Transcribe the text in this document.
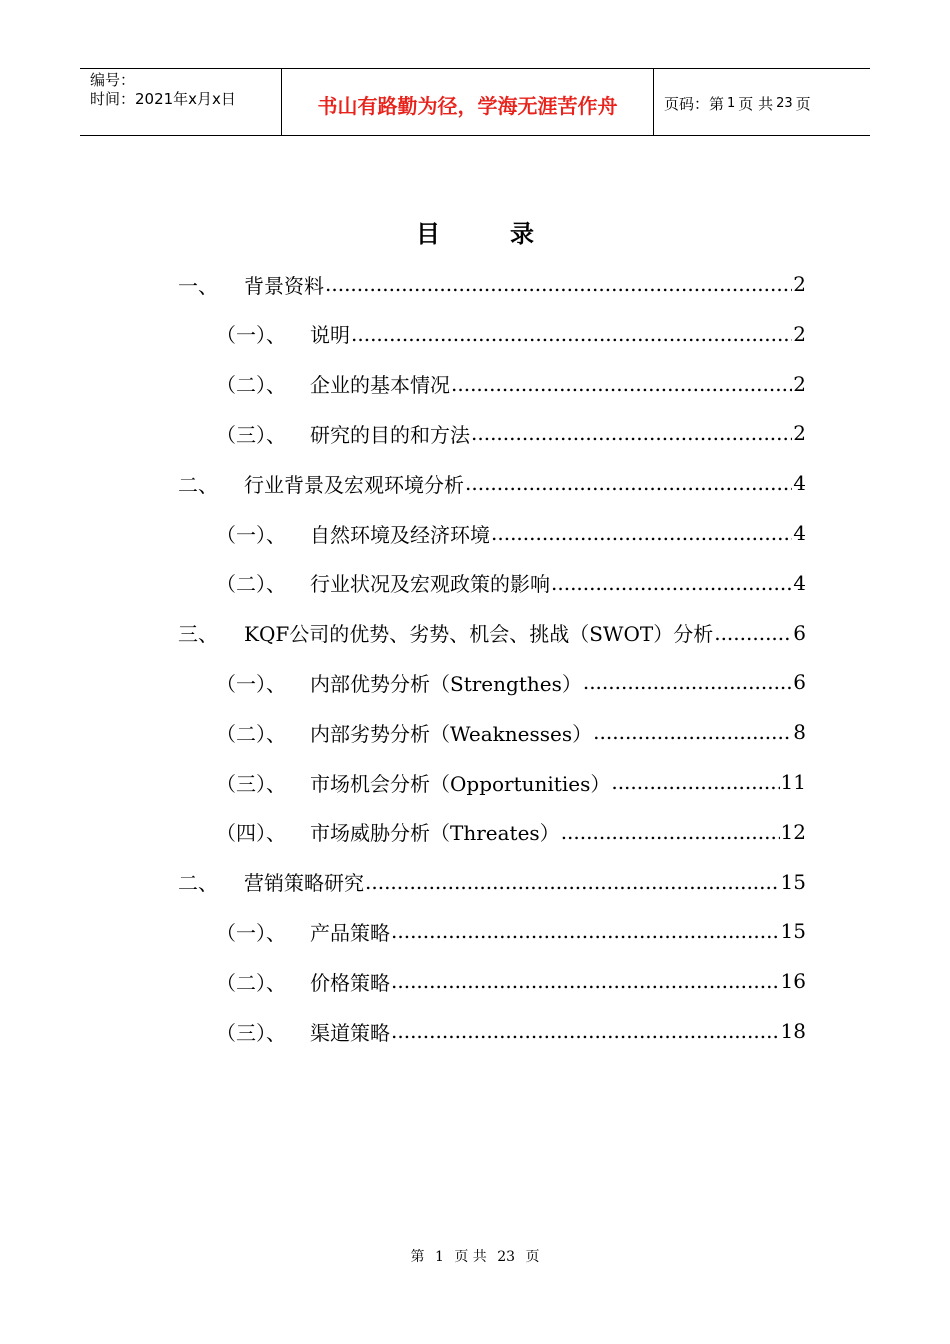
编号：
时间：2021年x月x日	书山有路勤为径，学海无涯苦作舟	页码：第 1 页 共 23 页
目	录
一、	背景资料 .....	2
（一）、	说明 .....	2
（二）、	企业的基本情况 .....	2
（三）、	研究的目的和方法 .....	2
二、	行业背景及宏观环境分析 .....	4
（一）、	自然环境及经济环境 .....	4
（二）、	行业状况及宏观政策的影响 .....	4
三、	KQF公司的优势、劣势、机会、挑战（SWOT）分析 .....	6
（一）、	内部优势分析（Strengthes） .....	6
（二）、	内部劣势分析（Weaknesses） .....	8
（三）、	市场机会分析（Opportunities） .....	11
（四）、	市场威胁分析（Threates） .....	12
二、	营销策略研究 .....	15
（一）、	产品策略 .....	15
（二）、	价格策略 .....	16
（三）、	渠道策略 .....	18
第 1 页 共 23 页
